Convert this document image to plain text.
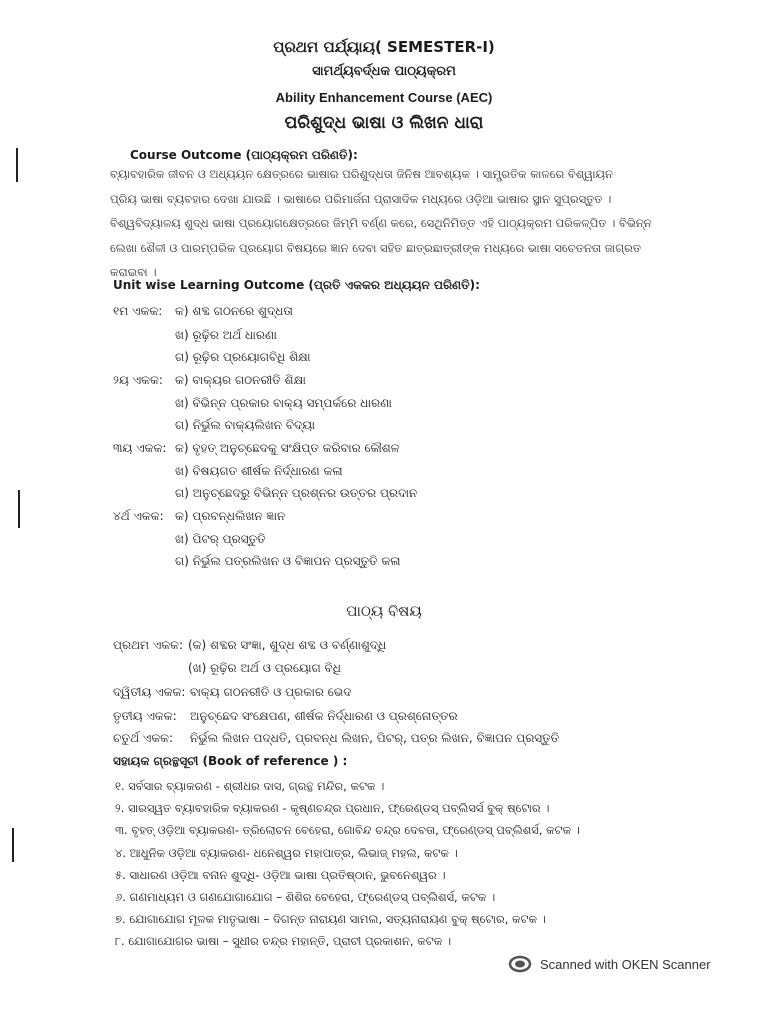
ପ୍ରଥମ ପର୍ଯ୍ୟାୟ( SEMESTER-I)
ସାମର୍ଥ୍ୟବର୍ଦ୍ଧକ ପାଠ୍ୟକ୍ରମ
Ability Enhancement Course (AEC)
ପରିଶୁଦ୍ଧ ଭାଷା ଓ ଲିଖନ ଧାରା
Course Outcome (ପାଠ୍ୟକ୍ରମ ପରିଣତି):
ବ୍ୟାବହାରିକ ଜୀବନ ଓ ଅଧ୍ୟୟନ କ୍ଷେତ୍ରରେ ଭାଷାର ପରିଶୁଦ୍ଧତା ଜିନିଷ ଆବଶ୍ୟକ । ସାମ୍ପ୍ରତିକ କାଳରେ ବିଶ୍ୱାୟନ
ପ୍ରିୟ ଭାଷା ବ୍ୟବହାର ଦେଖା ଯାଉଛି । ଭାଷାରେ ପରିମାର୍ଜନା ପ୍ରାସାଦିକ ମଧ୍ୟରେ ଓଡ଼ିଆ ଭାଷାର ସ୍ଥାନ ସୁପ୍ରସ୍ତୁତ ।
ବିଶ୍ୱବିଦ୍ୟାଳୟ ଶୁଦ୍ଧ ଭାଷା ପ୍ରୟୋଗକ୍ଷେତ୍ରରେ ଜିମ୍ମି ବର୍ଣ୍ଣ କରେ, ସେଥିନିମିତ୍ତ ଏହି ପାଠ୍ୟକ୍ରମ ପରିକଳ୍ପିତ । ବିଭିନ୍ନ
ଲେଖା ଶୈଳୀ ଓ ପାରମ୍ପରିକ ପ୍ରୟୋଗ ବିଷୟରେ ଜ୍ଞାନ ଦେବା ସହିତ ଛାତ୍ରଛାତ୍ରୀଙ୍କ ମଧ୍ୟରେ ଭାଷା ସଚେତନତା ଜାଗ୍ରତ
କରାଇବା ।
Unit wise Learning Outcome (ପ୍ରତି ଏକକର ଅଧ୍ୟୟନ ପରିଣତି):
୧ମ ଏକକ: କ) ଶବ୍ଦ ଗଠନରେ ଶୁଦ୍ଧତା
ଖ) ରୂଢ଼ିର ଅର୍ଥ ଧାରଣା
ଗ) ରୂଢ଼ିର ପ୍ରୟୋଗବିଧି ଶିକ୍ଷା
୨ୟ ଏକକ: କ) ବାକ୍ୟର ଗଠନରୀତି ଶିକ୍ଷା
ଖ) ବିଭିନ୍ନ ପ୍ରକାର ବାକ୍ୟ ସମ୍ପର୍କରେ ଧାରଣା
ଗ) ନିର୍ଭୁଲ ବାକ୍ୟଲିଖନ ବିଦ୍ୟା
୩ୟ ଏକକ: କ) ବୃହତ୍ ଅନୁଚ୍ଛେଦକୁ ସଂକ୍ଷିପ୍ତ କରିବାର କୌଶଳ
ଖ) ବିଷୟଗତ ଶୀର୍ଷକ ନିର୍ଦ୍ଧାରଣ କଳା
ଗ) ଅନୁଚ୍ଛେଦରୁ ବିଭିନ୍ନ ପ୍ରଶ୍ନର ଉତ୍ତର ପ୍ରଦାନ
୪ର୍ଥ ଏକକ: କ) ପ୍ରବନ୍ଧଲିଖନ ଜ୍ଞାନ
ଖ) ପିଟର୍ ପ୍ରସ୍ତୁତି
ଗ) ନିର୍ଭୁଲ ପତ୍ରଲିଖନ ଓ ବିଜ୍ଞାପନ ପ୍ରସ୍ତୁତି କଳା
ପାଠ୍ୟ ବିଷୟ
ପ୍ରଥମ ଏକକ: (କ) ଶବ୍ଦର ସଂଜ୍ଞା, ଶୁଦ୍ଧ ଶବ୍ଦ ଓ ବର୍ଣ୍ଣାଶୁଦ୍ଧି
(ଖ) ରୂଢ଼ିର ଅର୍ଥ ଓ ପ୍ରୟୋଗ ବିଧି
ଦ୍ୱିତୀୟ ଏକକ: ବାକ୍ୟ ଗଠନରୀତି ଓ ପ୍ରକାର ଭେଦ
ତୃତୀୟ ଏକକ: ଅନୁଚ୍ଛେଦ ସଂକ୍ଷେପଣ, ଶୀର୍ଷକ ନିର୍ଦ୍ଧାରଣ ଓ ପ୍ରଶ୍ନୋତ୍ତର
ଚତୁର୍ଥ ଏକକ: ନିର୍ଭୁଲ ଲିଖନ ପଦ୍ଧତି, ପ୍ରବନ୍ଧ ଲିଖନ, ପିଟର୍, ପତ୍ର ଲିଖନ, ବିଜ୍ଞାପନ ପ୍ରସ୍ତୁତି
ସହାୟକ ଗ୍ରନ୍ଥସୂଚୀ (Book of reference ) :
୧. ସର୍ବସାର ବ୍ୟାକରଣ - ଶ୍ରୀଧର ଦାସ, ଗ୍ରନ୍ଥ ମନ୍ଦିର, କଟକ ।
୨. ସାରସ୍ୱତ ବ୍ୟାବହାରିକ ବ୍ୟାକରଣ - କୃଷ୍ଣଚନ୍ଦ୍ର ପ୍ରଧାନ, ଫ୍ରେଣ୍ଡସ୍ ପବ୍ଲିସର୍ସ ବୁକ୍ ଷ୍ଟୋର ।
୩. ବୃହତ୍ ଓଡ଼ିଆ ବ୍ୟାକରଣ- ତ୍ରିଲୋଚନ ବେହେରା, ଗୋବିନ୍ଦ ଚନ୍ଦ୍ର ଦେବତା, ଫ୍ରେଣ୍ଡସ୍ ପବ୍ଲିଶର୍ସ, କଟକ ।
୪. ଆଧୁନିକ ଓଡ଼ିଆ ବ୍ୟାକରଣ- ଧନେଶ୍ୱର ମହାପାତ୍ର, ଲିଭାଜ୍ ମହଲ, କଟକ ।
୫. ସାଧାରଣ ଓଡ଼ିଆ ବନାନ ଶୁଦ୍ଧି- ଓଡ଼ିଆ ଭାଷା ପ୍ରତିଷ୍ଠାନ, ଭୁବନେଶ୍ୱର ।
୬. ଗଣମାଧ୍ୟମ ଓ ଗଣଯୋଗାଯୋଗ – ଶିଶିର ବେହେରା, ଫ୍ରେଣ୍ଡସ୍ ପବ୍ଲିଶର୍ସ, କଟକ ।
୭. ଯୋଗାଯୋଗ ମୂଳକ ମାତୃଭାଷା – ଦିଗନ୍ତ ନାରାୟଣ ସାମଲ, ସତ୍ୟନାରାୟଣ ବୁକ୍ ଷ୍ଟୋର, କଟକ ।
୮. ଯୋଗାଯୋଗର ଭାଷା – ସୁଧୀର ଚନ୍ଦ୍ର ମହାନ୍ତି, ପ୍ରାଚୀ ପ୍ରକାଶନ, କଟକ ।
Scanned with OKEN Scanner
